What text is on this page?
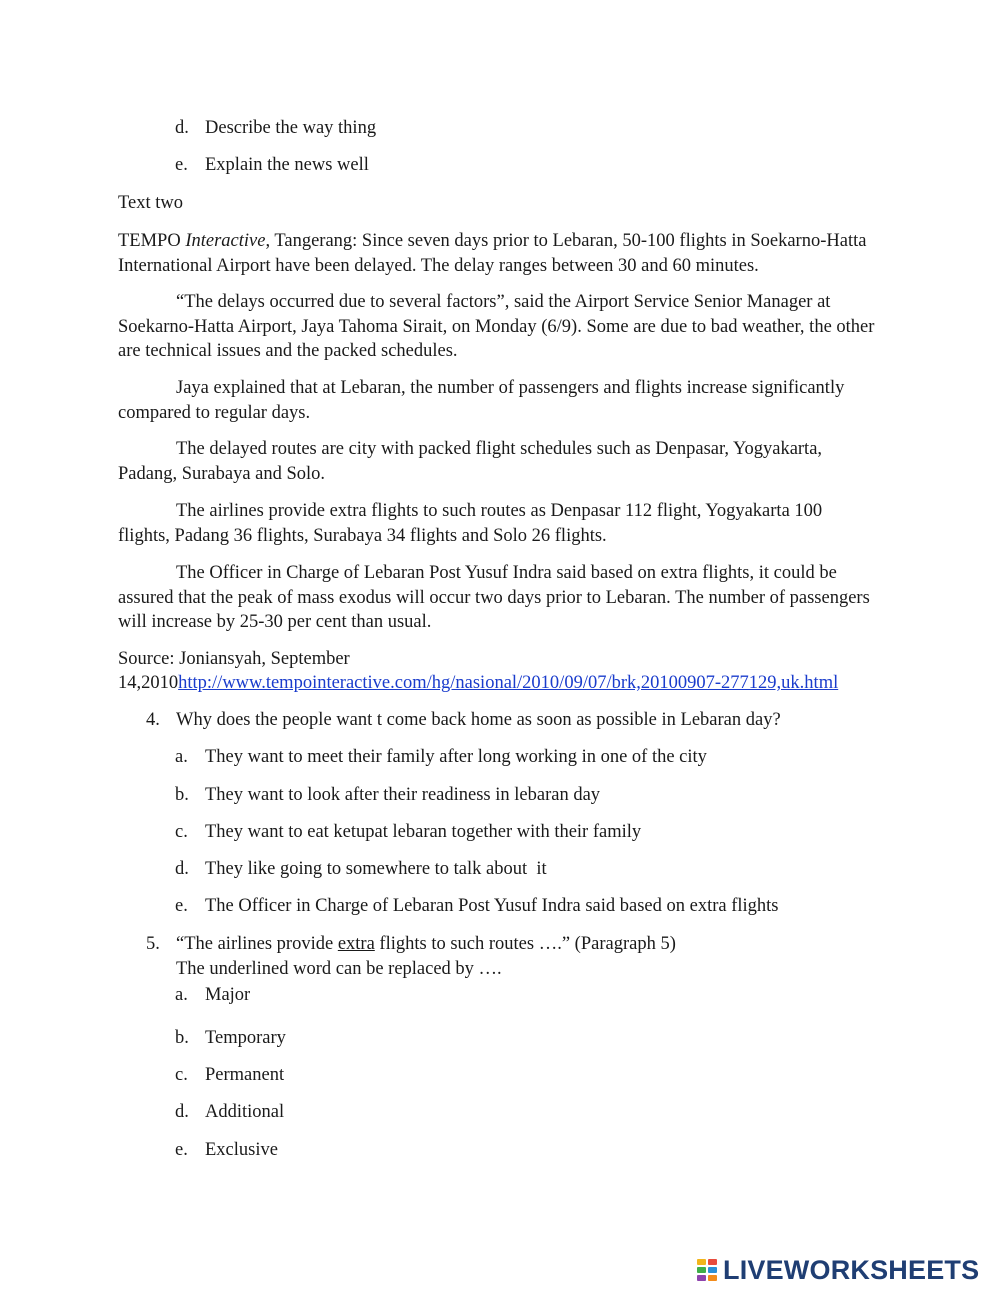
d. Describe the way thing
e. Explain the news well
Text two
TEMPO Interactive, Tangerang: Since seven days prior to Lebaran, 50-100 flights in Soekarno-Hatta International Airport have been delayed. The delay ranges between 30 and 60 minutes.
“The delays occurred due to several factors”, said the Airport Service Senior Manager at Soekarno-Hatta Airport, Jaya Tahoma Sirait, on Monday (6/9). Some are due to bad weather, the other are technical issues and the packed schedules.
Jaya explained that at Lebaran, the number of passengers and flights increase significantly compared to regular days.
The delayed routes are city with packed flight schedules such as Denpasar, Yogyakarta, Padang, Surabaya and Solo.
The airlines provide extra flights to such routes as Denpasar 112 flight, Yogyakarta 100 flights, Padang 36 flights, Surabaya 34 flights and Solo 26 flights.
The Officer in Charge of Lebaran Post Yusuf Indra said based on extra flights, it could be assured that the peak of mass exodus will occur two days prior to Lebaran. The number of passengers will increase by 25-30 per cent than usual.
Source: Joniansyah, September
14,2010http://www.tempointeractive.com/hg/nasional/2010/09/07/brk,20100907-277129,uk.html
4. Why does the people want t come back home as soon as possible in Lebaran day?
a. They want to meet their family after long working in one of the city
b. They want to look after their readiness in lebaran day
c. They want to eat ketupat lebaran together with their family
d. They like going to somewhere to talk about  it
e. The Officer in Charge of Lebaran Post Yusuf Indra said based on extra flights
5. “The airlines provide extra flights to such routes ….” (Paragraph 5)
The underlined word can be replaced by ….
a. Major
b. Temporary
c. Permanent
d. Additional
e. Exclusive
LIVEWORKSHEETS
